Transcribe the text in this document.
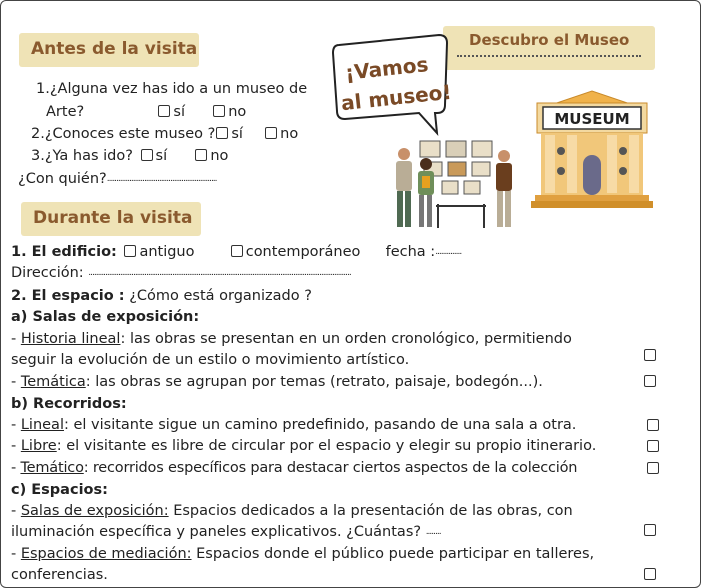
Antes de la visita	Descubro el Museo
¡Vamos
al museo!
MUSEUM
1.¿Alguna vez has ido a un museo de
Arte?	sí	no
2.¿Conoces este museo ? sí	no
3.¿Ya has ido? sí	no
¿Con quién?...........................................................
Durante la visita
1. El edificio: antiguo	contemporáneo fecha :..............
Dirección: .............................................................................................................................................
2. El espacio : ¿Cómo está organizado ?
a) Salas de exposición:
- Historia lineal: las obras se presentan en un orden cronológico, permitiendo
seguir la evolución de un estilo o movimiento artístico.
- Temática: las obras se agrupan por temas (retrato, paisaje, bodegón...).
b) Recorridos:
- Lineal: el visitante sigue un camino predefinido, pasando de una sala a otra.
- Libre: el visitante es libre de circular por el espacio y elegir su propio itinerario.
- Temático: recorridos específicos para destacar ciertos aspectos de la colección
c) Espacios:
- Salas de exposición: Espacios dedicados a la presentación de las obras, con
iluminación específica y paneles explicativos. ¿Cuántas? ........
- Espacios de mediación: Espacios donde el público puede participar en talleres,
conferencias.
